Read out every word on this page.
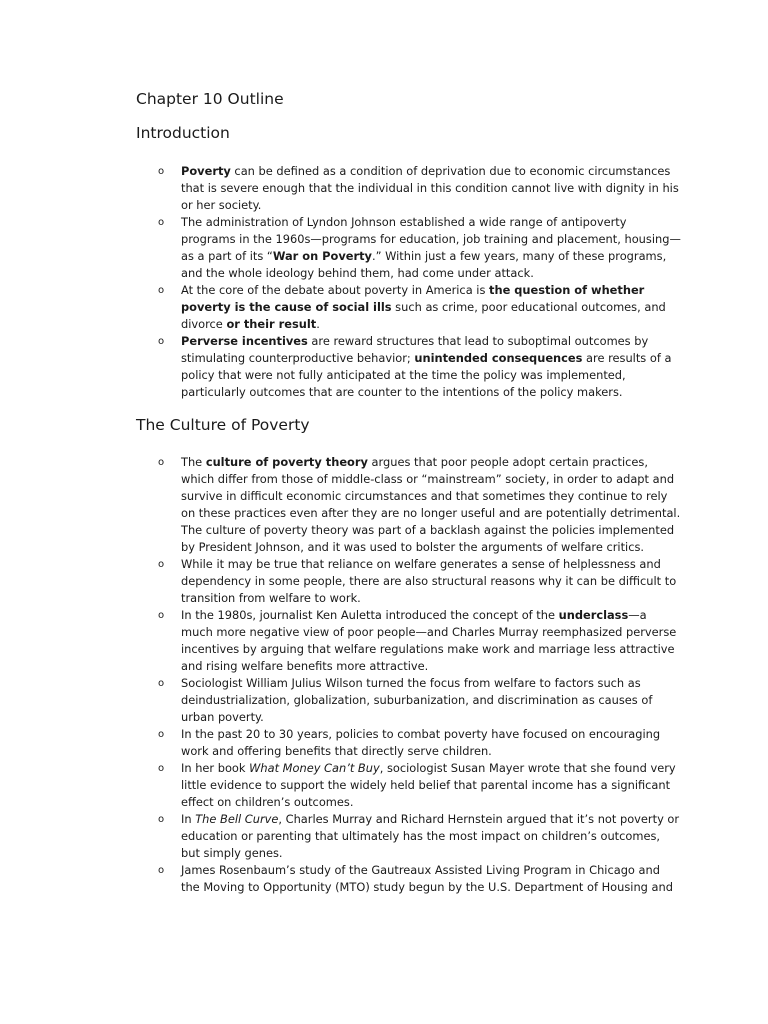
Chapter 10 Outline
Introduction
o Poverty can be defined as a condition of deprivation due to economic circumstances that is severe enough that the individual in this condition cannot live with dignity in his or her society.
o The administration of Lyndon Johnson established a wide range of antipoverty programs in the 1960s—programs for education, job training and placement, housing—as a part of its “War on Poverty.” Within just a few years, many of these programs, and the whole ideology behind them, had come under attack.
o At the core of the debate about poverty in America is the question of whether poverty is the cause of social ills such as crime, poor educational outcomes, and divorce or their result.
o Perverse incentives are reward structures that lead to suboptimal outcomes by stimulating counterproductive behavior; unintended consequences are results of a policy that were not fully anticipated at the time the policy was implemented, particularly outcomes that are counter to the intentions of the policy makers.
The Culture of Poverty
o The culture of poverty theory argues that poor people adopt certain practices, which differ from those of middle-class or “mainstream” society, in order to adapt and survive in difficult economic circumstances and that sometimes they continue to rely on these practices even after they are no longer useful and are potentially detrimental. The culture of poverty theory was part of a backlash against the policies implemented by President Johnson, and it was used to bolster the arguments of welfare critics.
o While it may be true that reliance on welfare generates a sense of helplessness and dependency in some people, there are also structural reasons why it can be difficult to transition from welfare to work.
o In the 1980s, journalist Ken Auletta introduced the concept of the underclass—a much more negative view of poor people—and Charles Murray reemphasized perverse incentives by arguing that welfare regulations make work and marriage less attractive and rising welfare benefits more attractive.
o Sociologist William Julius Wilson turned the focus from welfare to factors such as deindustrialization, globalization, suburbanization, and discrimination as causes of urban poverty.
o In the past 20 to 30 years, policies to combat poverty have focused on encouraging work and offering benefits that directly serve children.
o In her book What Money Can’t Buy, sociologist Susan Mayer wrote that she found very little evidence to support the widely held belief that parental income has a significant effect on children’s outcomes.
o In The Bell Curve, Charles Murray and Richard Hernstein argued that it’s not poverty or education or parenting that ultimately has the most impact on children’s outcomes, but simply genes.
o James Rosenbaum’s study of the Gautreaux Assisted Living Program in Chicago and the Moving to Opportunity (MTO) study begun by the U.S. Department of Housing and
